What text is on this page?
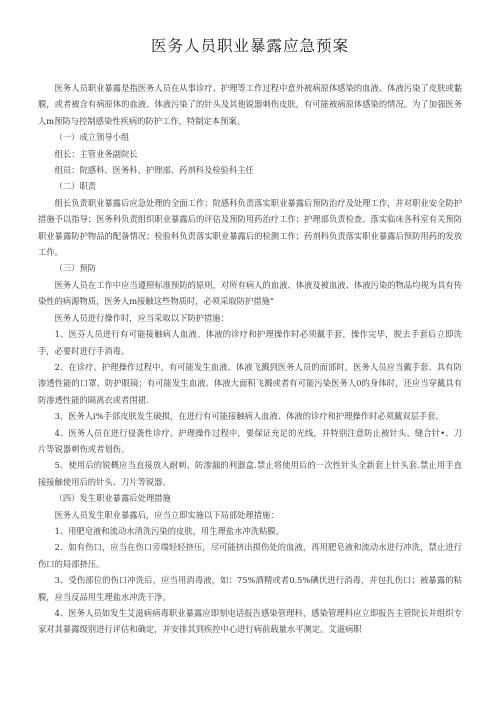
医务人员职业暴露应急预案

医务人员职业暴露是指医务人员在从事诊疗、护理等工作过程中意外被病原体感染的血液、体液污染了皮肤或黏膜，或者被含有病原体的血液、体液污染了的针头及其他锐器刺伤皮肤，有可能被病原体感染的情况。为了加强医务人m预防与控制感染性疾病的防护工作，特制定本预案。

（一）成立领导小组

组长：主管业务副院长

组员：院感科、医务科、护理部、药剂科及检验科主任

（二）职责

组长负责职业暴露后应急处理的全面工作；院感科负责落实职业暴露后预防治疗及处理工作，并对职业安全防护措施予以指导；医务科负责组织职业暴露后的评估及预防用药治疗工作；护理部负责检查、落实临床各科室有关预防职业暴露防护物品的配备情况；检验科负责落实职业暴露后的检测工作；药剂科负责落实职业暴露后预防用药的发放工作。

（三）预防

医务人员在工作中应当遵照标准预防的原则，对所有病人的血液、体液及被血液、体液污染的物品均视为具有传染性的病源物质，医务人m接触这些物质时，必须采取防护措施“

医务人员进行操作时，应当采取以下防护措施：

1、医芬人员进行有可能接触病人血液、体液的诊疗和护理操作时必须戴手套，操作完毕，脱去手套后立即洗手，必要时进行手消毒。

2、在诊疗、护理操作过程中，有可能发生血液、体液飞溅到医务人员的面部时，医务人员应当戴手套、具有防渗透性能的口罩、防护眼镜；有可能发生血液、体液大面积飞溅或者有可能污染医务人0的身体时，还应当穿戴具有防渗透性能的隔离衣或者围裙.

3、医务人i%手部皮肤发生破损，在进行有可能接触病人血液、体液的诊疗和护理操作时必须戴双层手套。

4、医务人员在进行侵袭性诊疗、护理操作过程中，要保证充足的光线，并特别注意防止被针头、缝合针•、刀片等锐器刺伤或者划伤。

5、使用后的锐概应当直接放入耐刺、防渗漏的利器盒.禁止将使用后的一次性针头全新套上针头套.禁止用手直接接触使用后的针头、刀片等锐器。

（四）发生职业暴露后处理措施

医务人员发生职业暴露后，应当立即实施以下局部处理措施：

1、用肥皂液和流动水清洗污染的皮肤，用生理盐水冲洗粘膜。

2、如有伤口，应当在伤口旁端轻轻挤压，尽可能挤出损伤处的血液，再用肥皂液和流动水进行冲洗，禁止进行伤口的局部挤压。

3、受伤部位的伤口冲洗后，应当用消毒液，如：75%酒精或者0.5%碘伏进行消毒，并包扎伤口；被暴露的粘膜，应当反品用生理盐水冲洗干净。

4、医务人员如发生艾滋病病毒职业暴露应即刻电话报告感染管理科，感染管理科应立即报告主管院长并组织专家对其暴露级别进行评估和确定，并安排其到疾控中心进行病前载量水平测定。艾滋病职
